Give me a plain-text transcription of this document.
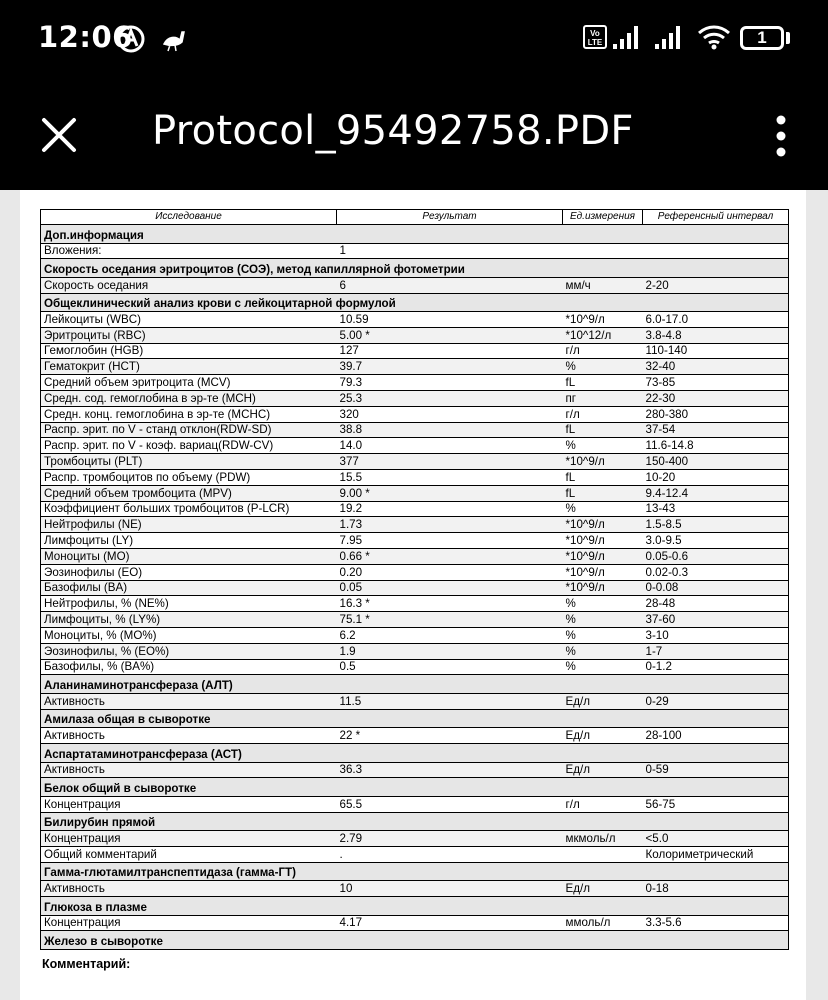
12:06	Vo LTE	1
Protocol_95492758.PDF
Исследование	Результат	Ед.измерения	Референсный интервал
Доп.информация			
Вложения:	1		
Скорость оседания эритроцитов (СОЭ), метод капиллярной фотометрии			
Скорость оседания	6	мм/ч	2-20
Общеклинический анализ крови с лейкоцитарной формулой			
Лейкоциты (WBC)	10.59	*10^9/л	6.0-17.0
Эритроциты (RBC)	5.00 *	*10^12/л	3.8-4.8
Гемоглобин (HGB)	127	г/л	110-140
Гематокрит (HCT)	39.7	%	32-40
Средний объем эритроцита (MCV)	79.3	fL	73-85
Средн. сод. гемоглобина в эр-те (MCH)	25.3	пг	22-30
Средн. конц. гемоглобина в эр-те (MCHC)	320	г/л	280-380
Распр. эрит. по V - станд отклон(RDW-SD)	38.8	fL	37-54
Распр. эрит. по V - коэф. вариац(RDW-CV)	14.0	%	11.6-14.8
Тромбоциты (PLT)	377	*10^9/л	150-400
Распр. тромбоцитов по объему (PDW)	15.5	fL	10-20
Средний объем тромбоцита (MPV)	9.00 *	fL	9.4-12.4
Коэффициент больших тромбоцитов (P-LCR)	19.2	%	13-43
Нейтрофилы (NE)	1.73	*10^9/л	1.5-8.5
Лимфоциты (LY)	7.95	*10^9/л	3.0-9.5
Моноциты (MO)	0.66 *	*10^9/л	0.05-0.6
Эозинофилы (EO)	0.20	*10^9/л	0.02-0.3
Базофилы (BA)	0.05	*10^9/л	0-0.08
Нейтрофилы, % (NE%)	16.3 *	%	28-48
Лимфоциты, % (LY%)	75.1 *	%	37-60
Моноциты, % (MO%)	6.2	%	3-10
Эозинофилы, % (EO%)	1.9	%	1-7
Базофилы, % (BA%)	0.5	%	0-1.2
Аланинаминотрансфераза (АЛТ)			
Активность	11.5	Ед/л	0-29
Амилаза общая в сыворотке			
Активность	22 *	Ед/л	28-100
Аспартатаминотрансфераза (АСТ)			
Активность	36.3	Ед/л	0-59
Белок общий в сыворотке			
Концентрация	65.5	г/л	56-75
Билирубин прямой			
Концентрация	2.79	мкмоль/л	<5.0
Общий комментарий	.		Колориметрический
Гамма-глютамилтранспептидаза (гамма-ГТ)			
Активность	10	Ед/л	0-18
Глюкоза в плазме			
Концентрация	4.17	ммоль/л	3.3-5.6
Железо в сыворотке			
Комментарий:
